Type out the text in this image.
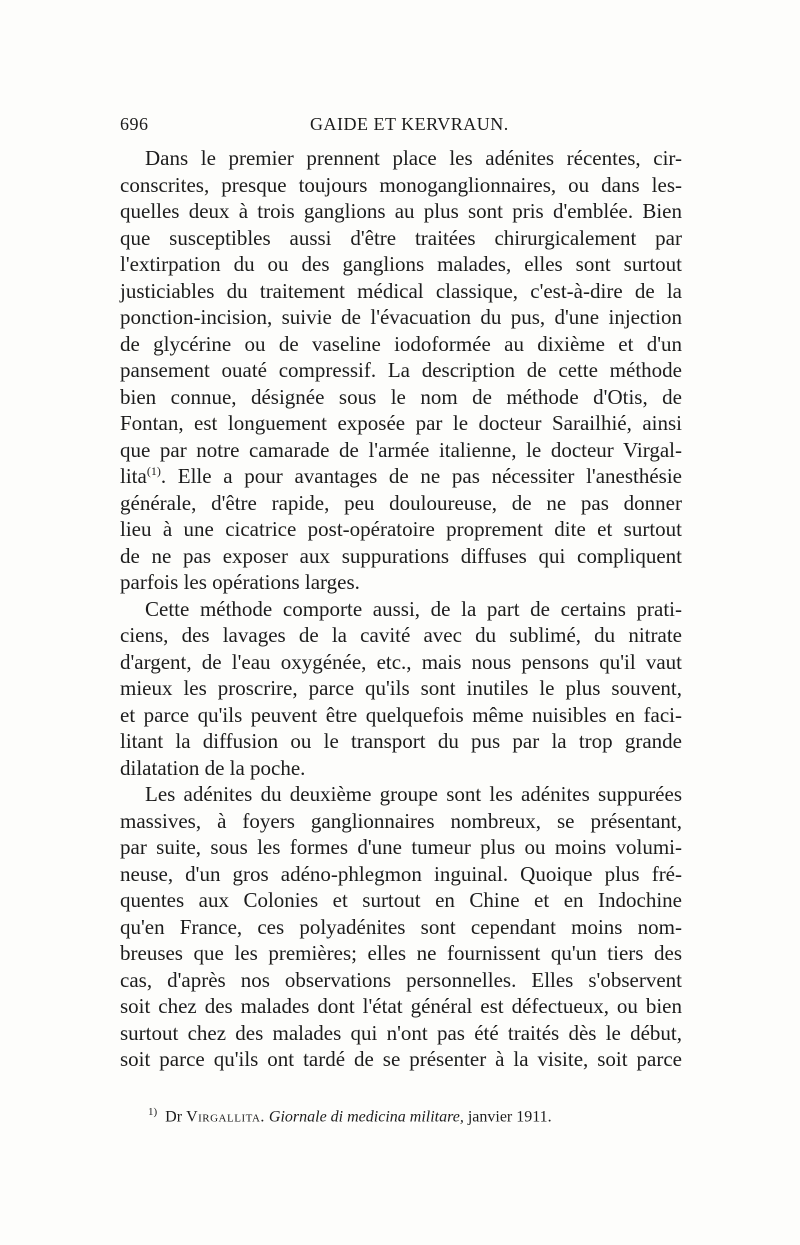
696	GAIDE ET KERVRAUN.
Dans le premier prennent place les adénites récentes, cir-
conscrites, presque toujours monoganglionnaires, ou dans les-
quelles deux à trois ganglions au plus sont pris d'emblée. Bien
que susceptibles aussi d'être traitées chirurgicalement par
l'extirpation du ou des ganglions malades, elles sont surtout
justiciables du traitement médical classique, c'est-à-dire de la
ponction-incision, suivie de l'évacuation du pus, d'une injection
de glycérine ou de vaseline iodoformée au dixième et d'un
pansement ouaté compressif. La description de cette méthode
bien connue, désignée sous le nom de méthode d'Otis, de
Fontan, est longuement exposée par le docteur Sarailhié, ainsi
que par notre camarade de l'armée italienne, le docteur Virgal-
lita$^{(1)}$. Elle a pour avantages de ne pas nécessiter l'anesthésie
générale, d'être rapide, peu douloureuse, de ne pas donner
lieu à une cicatrice post-opératoire proprement dite et surtout
de ne pas exposer aux suppurations diffuses qui compliquent
parfois les opérations larges.
Cette méthode comporte aussi, de la part de certains prati-
ciens, des lavages de la cavité avec du sublimé, du nitrate
d'argent, de l'eau oxygénée, etc., mais nous pensons qu'il vaut
mieux les proscrire, parce qu'ils sont inutiles le plus souvent,
et parce qu'ils peuvent être quelquefois même nuisibles en faci-
litant la diffusion ou le transport du pus par la trop grande
dilatation de la poche.
Les adénites du deuxième groupe sont les adénites suppurées
massives, à foyers ganglionnaires nombreux, se présentant,
par suite, sous les formes d'une tumeur plus ou moins volumi-
neuse, d'un gros adéno-phlegmon inguinal. Quoique plus fré-
quentes aux Colonies et surtout en Chine et en Indochine
qu'en France, ces polyadénites sont cependant moins nom-
breuses que les premières; elles ne fournissent qu'un tiers des
cas, d'après nos observations personnelles. Elles s'observent
soit chez des malades dont l'état général est défectueux, ou bien
surtout chez des malades qui n'ont pas été traités dès le début,
soit parce qu'ils ont tardé de se présenter à la visite, soit parce
$^{1)}$ Dr Virgallita. Giornale di medicina militare, janvier 1911.
